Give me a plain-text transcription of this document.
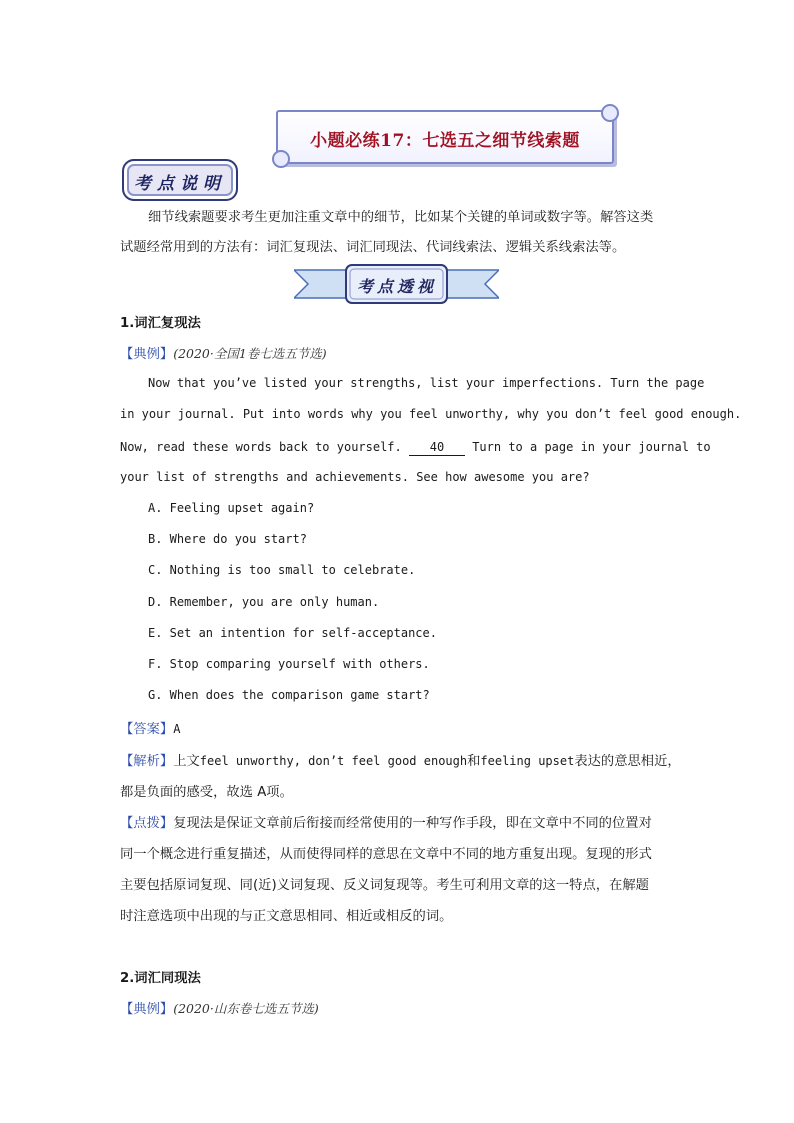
小题必练17：七选五之细节线索题
考点说明
细节线索题要求考生更加注重文章中的细节，比如某个关键的单词或数字等。解答这类
试题经常用到的方法有：词汇复现法、词汇同现法、代词线索法、逻辑关系线索法等。
考点透视
1.词汇复现法
【典例】(2020·全国1卷七选五节选)
Now that you’ve listed your strengths, list your imperfections. Turn the page
in your journal. Put into words why you feel unworthy, why you don’t feel good enough.
Now, read these words back to yourself. 40 Turn to a page in your journal to
your list of strengths and achievements. See how awesome you are?
A. Feeling upset again?
B. Where do you start?
C. Nothing is too small to celebrate.
D. Remember, you are only human.
E. Set an intention for self-acceptance.
F. Stop comparing yourself with others.
G. When does the comparison game start?
【答案】A
【解析】上文feel unworthy, don’t feel good enough和feeling upset表达的意思相近，
都是负面的感受，故选 A项。
【点拨】复现法是保证文章前后衔接而经常使用的一种写作手段，即在文章中不同的位置对
同一个概念进行重复描述，从而使得同样的意思在文章中不同的地方重复出现。复现的形式
主要包括原词复现、同(近)义词复现、反义词复现等。考生可利用文章的这一特点，在解题
时注意选项中出现的与正文意思相同、相近或相反的词。
2.词汇同现法
【典例】(2020·山东卷七选五节选)
